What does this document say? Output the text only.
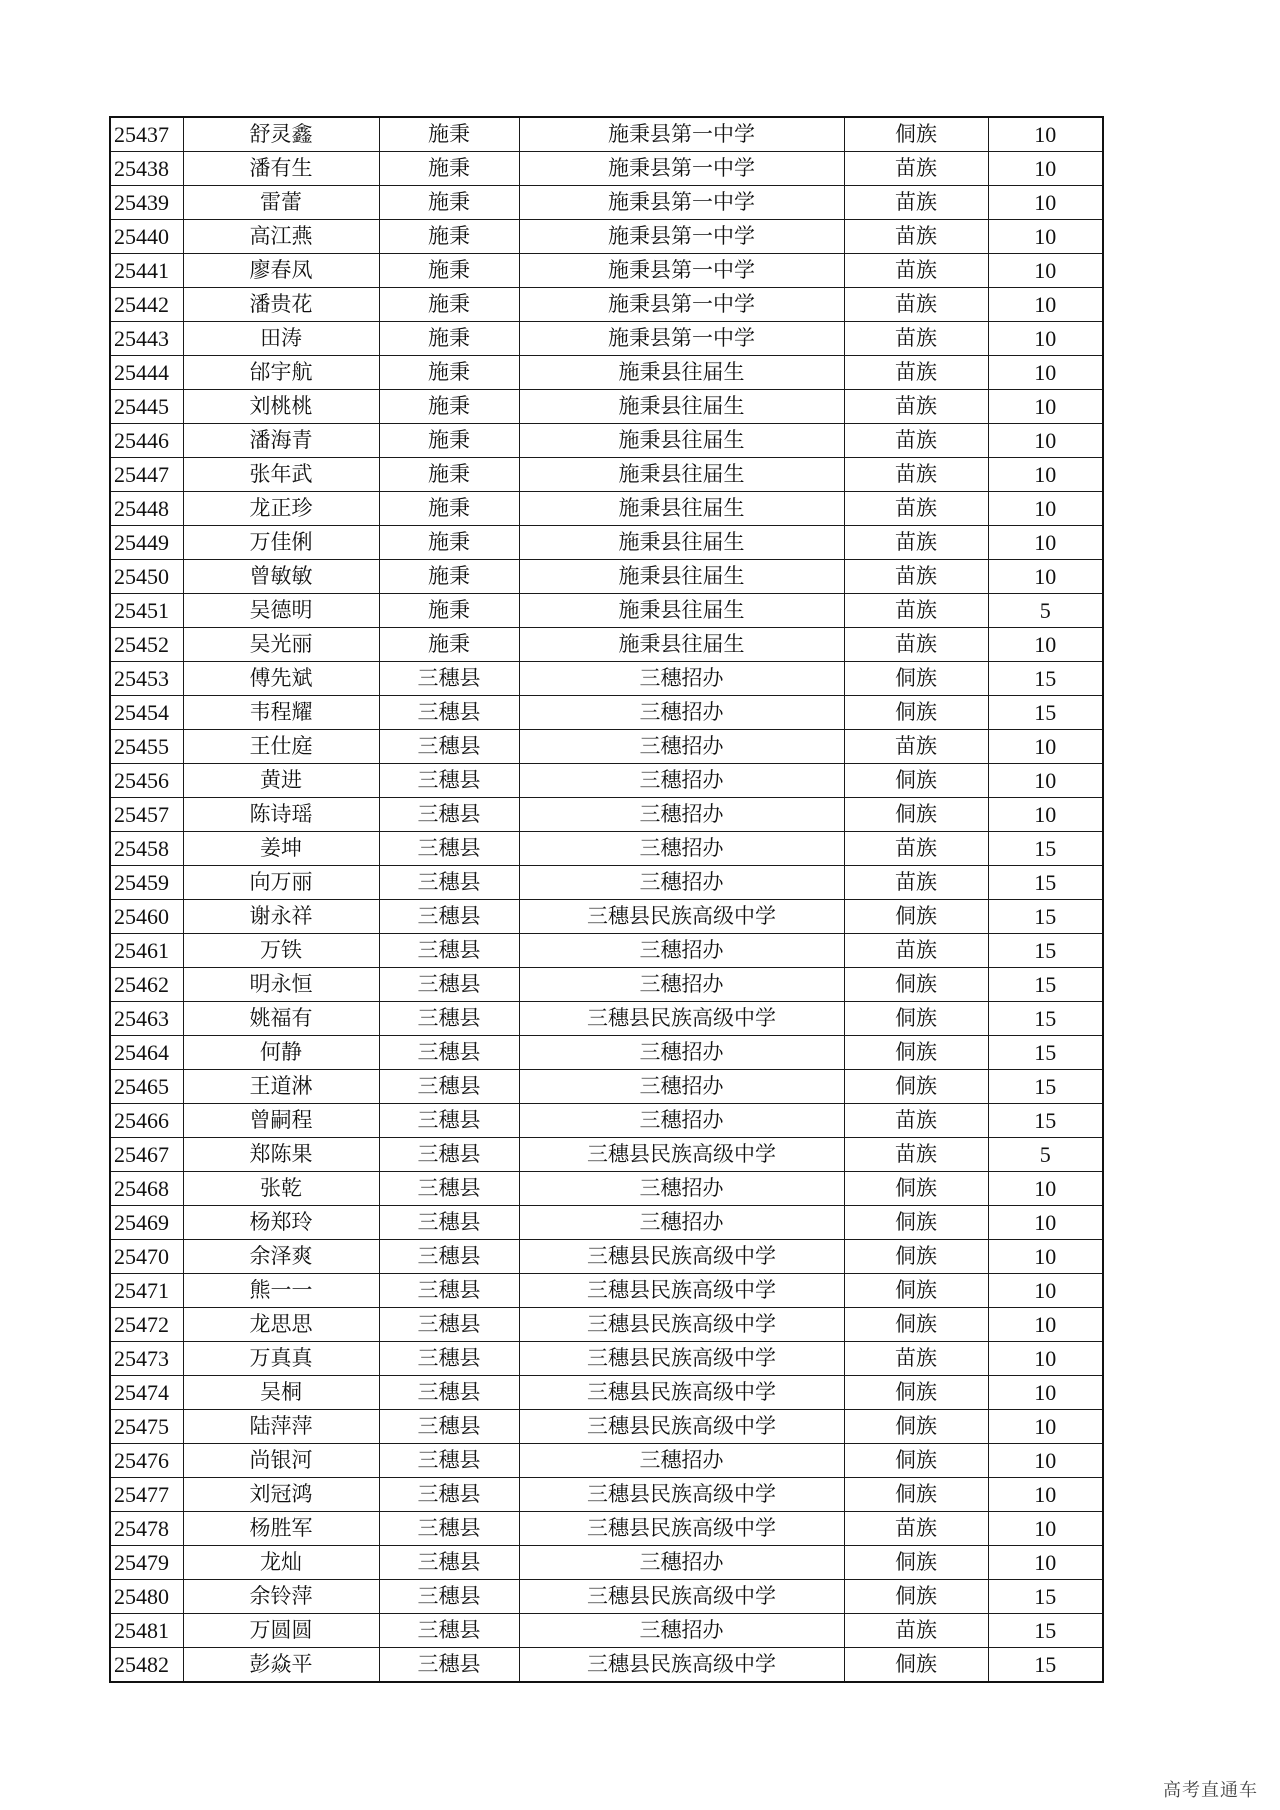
25437	舒灵鑫	施秉	施秉县第一中学	侗族	10
25438	潘有生	施秉	施秉县第一中学	苗族	10
25439	雷蕾	施秉	施秉县第一中学	苗族	10
25440	高江燕	施秉	施秉县第一中学	苗族	10
25441	廖春凤	施秉	施秉县第一中学	苗族	10
25442	潘贵花	施秉	施秉县第一中学	苗族	10
25443	田涛	施秉	施秉县第一中学	苗族	10
25444	邰宇航	施秉	施秉县往届生	苗族	10
25445	刘桃桃	施秉	施秉县往届生	苗族	10
25446	潘海青	施秉	施秉县往届生	苗族	10
25447	张年武	施秉	施秉县往届生	苗族	10
25448	龙正珍	施秉	施秉县往届生	苗族	10
25449	万佳俐	施秉	施秉县往届生	苗族	10
25450	曾敏敏	施秉	施秉县往届生	苗族	10
25451	吴德明	施秉	施秉县往届生	苗族	5
25452	吴光丽	施秉	施秉县往届生	苗族	10
25453	傅先斌	三穗县	三穗招办	侗族	15
25454	韦程耀	三穗县	三穗招办	侗族	15
25455	王仕庭	三穗县	三穗招办	苗族	10
25456	黄进	三穗县	三穗招办	侗族	10
25457	陈诗瑶	三穗县	三穗招办	侗族	10
25458	姜坤	三穗县	三穗招办	苗族	15
25459	向万丽	三穗县	三穗招办	苗族	15
25460	谢永祥	三穗县	三穗县民族高级中学	侗族	15
25461	万铁	三穗县	三穗招办	苗族	15
25462	明永恒	三穗县	三穗招办	侗族	15
25463	姚福有	三穗县	三穗县民族高级中学	侗族	15
25464	何静	三穗县	三穗招办	侗族	15
25465	王道淋	三穗县	三穗招办	侗族	15
25466	曾嗣程	三穗县	三穗招办	苗族	15
25467	郑陈果	三穗县	三穗县民族高级中学	苗族	5
25468	张乾	三穗县	三穗招办	侗族	10
25469	杨郑玲	三穗县	三穗招办	侗族	10
25470	余泽爽	三穗县	三穗县民族高级中学	侗族	10
25471	熊一一	三穗县	三穗县民族高级中学	侗族	10
25472	龙思思	三穗县	三穗县民族高级中学	侗族	10
25473	万真真	三穗县	三穗县民族高级中学	苗族	10
25474	吴桐	三穗县	三穗县民族高级中学	侗族	10
25475	陆萍萍	三穗县	三穗县民族高级中学	侗族	10
25476	尚银河	三穗县	三穗招办	侗族	10
25477	刘冠鸿	三穗县	三穗县民族高级中学	侗族	10
25478	杨胜军	三穗县	三穗县民族高级中学	苗族	10
25479	龙灿	三穗县	三穗招办	侗族	10
25480	余铃萍	三穗县	三穗县民族高级中学	侗族	15
25481	万圆圆	三穗县	三穗招办	苗族	15
25482	彭焱平	三穗县	三穗县民族高级中学	侗族	15
高考直通车
